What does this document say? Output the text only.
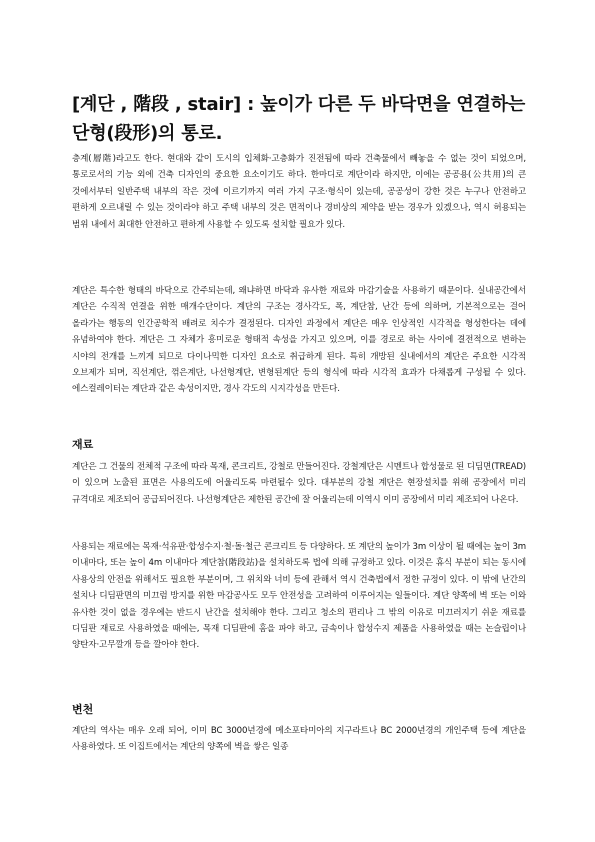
[계단 , 階段 , stair] : 높이가 다른 두 바닥면을 연결하는 단형(段形)의 통로.

층계(層階)라고도 한다. 현대와 같이 도시의 입체화·고층화가 진전됨에 따라 건축물에서 빼놓을 수 없는 것이 되었으며, 통로로서의 기능 외에 건축 디자인의 중요한 요소이기도 하다. 한마디로 계단이라 하지만, 이에는 공공용(公共用)의 큰 것에서부터 일반주택 내부의 작은 것에 이르기까지 여러 가지 구조·형식이 있는데, 공공성이 강한 것은 누구나 안전하고 편하게 오르내릴 수 있는 것이라야 하고 주택 내부의 것은 면적이나 경비상의 제약을 받는 경우가 있겠으나, 역시 허용되는 범위 내에서 최대한 안전하고 편하게 사용할 수 있도록 설치할 필요가 있다.

계단은 특수한 형태의 바닥으로 간주되는데, 왜냐하면 바닥과 유사한 재료와 마감기술을 사용하기 때문이다. 실내공간에서 계단은 수직적 연결을 위한 매개수단이다. 계단의 구조는 경사각도, 폭, 계단참, 난간 등에 의하며, 기본적으로는 걸어 올라가는 행동의 인간공학적 배려로 치수가 결정된다. 디자인 과정에서 계단은 매우 인상적인 시각적을 형성한다는 데에 유념하여야 한다. 계단은 그 자체가 흥미로운 형태적 속성을 가지고 있으며, 이를 경로로 하는 사이에 결전적으로 변하는 시야의 전개를 느끼게 되므로 다이나믹한 디자인 요소로 취급하게 된다. 특히 개방된 실내에서의 계단은 주요한 시각적 오브제가 되며, 직선계단, 꺾은계단, 나선형계단, 변형된계단 등의 형식에 따라 시각적 효과가 다채롭게 구성될 수 있다. 에스컬레이터는 계단과 같은 속성이지만, 경사 각도의 시지각성을 만든다.

재료

계단은 그 건물의 전체적 구조에 따라 목재, 콘크리트, 강철로 만들어진다. 강철계단은 시멘트나 합성물로 된 디딤면(TREAD)이 있으며 노출된 표면은 사용의도에 어울리도록 마련될수 있다. 대부분의 강철 계단은 현장설치를 위해 공장에서 미리 규격대로 제조되어 공급되어진다. 나선형계단은 제한된 공간에 잘 어울리는데 이역시 이미 공장에서 미리 제조되어 나온다.

사용되는 재료에는 목재·석유판·합성수지·철·돌·철근 콘크리트 등 다양하다. 또 계단의 높이가 3m 이상이 될 때에는 높이 3m 이내마다, 또는 높이 4m 이내마다 계단참(階段站)을 설치하도록 법에 의해 규정하고 있다. 이것은 휴식 부분이 되는 동시에 사용상의 안전을 위해서도 필요한 부분이며, 그 위치와 너비 등에 관해서 역시 건축법에서 정한 규정이 있다. 이 밖에 난간의 설치나 디딤판면의 미끄럼 방지를 위한 마감공사도 모두 안전성을 고려하여 이루어지는 일들이다. 계단 양쪽에 벽 또는 이와 유사한 것이 없을 경우에는 반드시 난간을 설치해야 한다. 그리고 청소의 편리나 그 밖의 이유로 미끄러지기 쉬운 재료를 디딤판 재료로 사용하였을 때에는, 목재 디딤판에 홈을 파야 하고, 금속이나 합성수지 제품을 사용하였을 때는 논슬립이나 양탄자·고무깔개 등을 깔아야 한다.

변천

계단의 역사는 매우 오래 되어, 이미 BC 3000년경에 메소포타미아의 지구라트나 BC 2000년경의 개인주택 등에 계단을 사용하였다. 또 이집트에서는 계단의 양쪽에 벽을 쌓은 일종
